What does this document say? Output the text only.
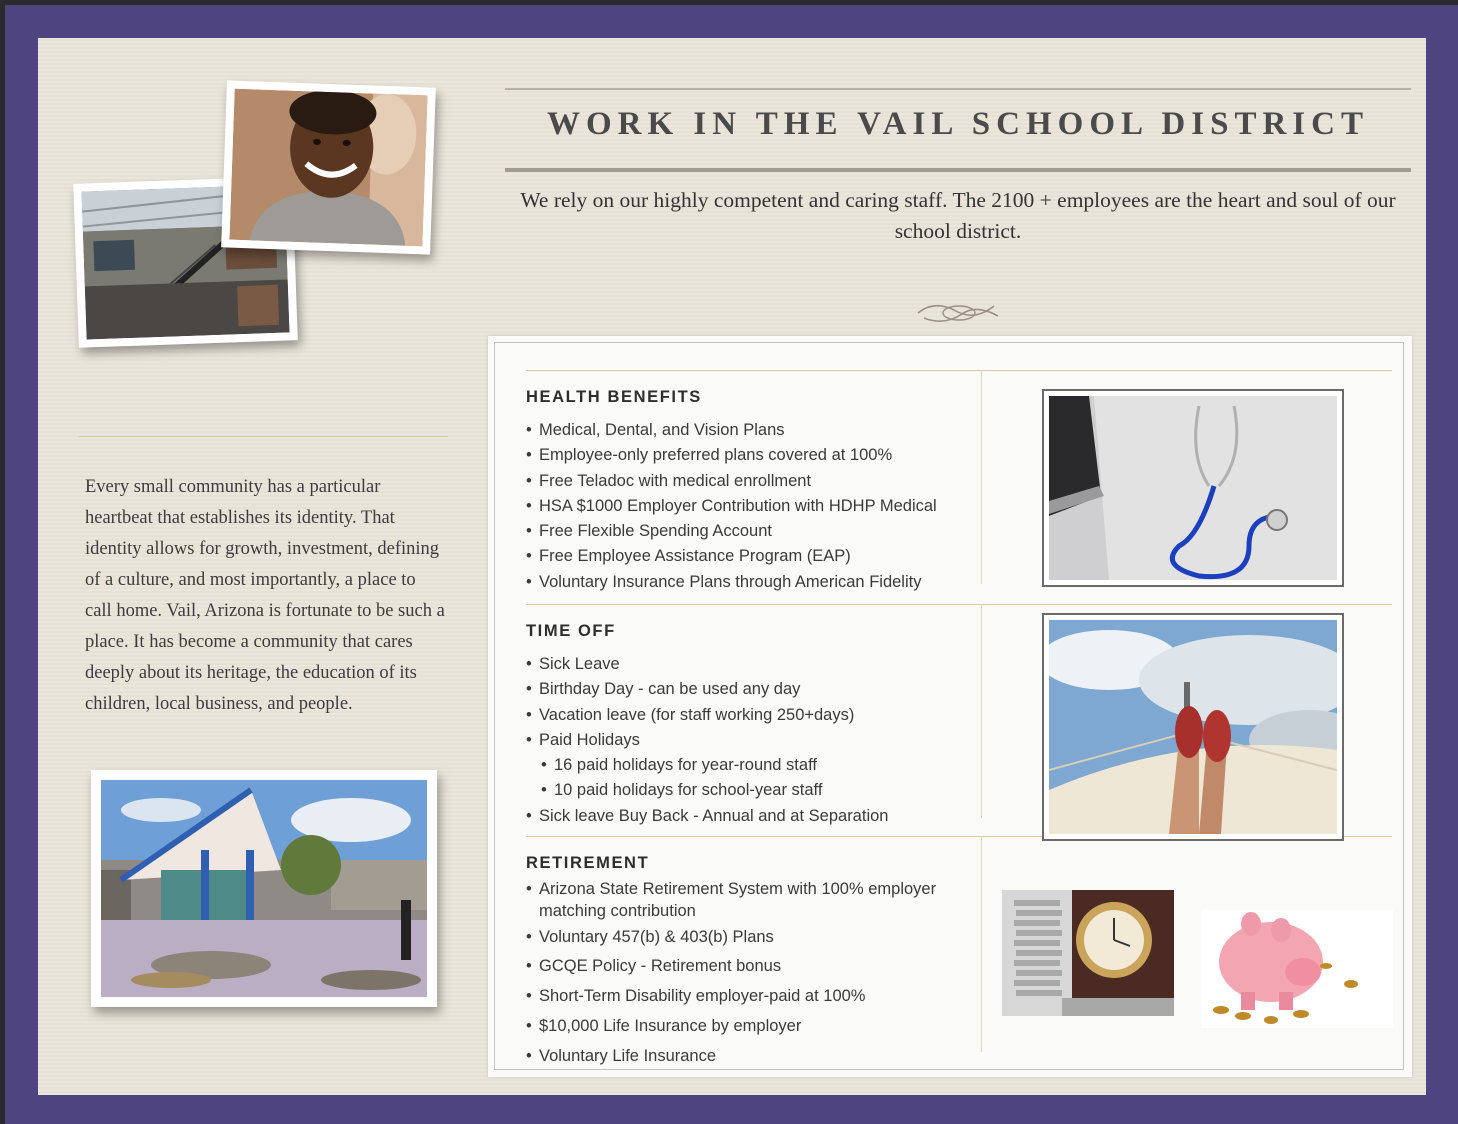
Every small community has a particular heartbeat that establishes its identity. That identity allows for growth, investment, defining of a culture, and most importantly, a place to call home. Vail, Arizona is fortunate to be such a place. It has become a community that cares deeply about its heritage, the education of its children, local business, and people.

WORK IN THE VAIL SCHOOL DISTRICT

We rely on our highly competent and caring staff. The 2100 + employees are the heart and soul of our school district.

HEALTH BENEFITS
• Medical, Dental, and Vision Plans
• Employee-only preferred plans covered at 100%
• Free Teladoc with medical enrollment
• HSA $1000 Employer Contribution with HDHP Medical
• Free Flexible Spending Account
• Free Employee Assistance Program (EAP)
• Voluntary Insurance Plans through American Fidelity
TIME OFF
• Sick Leave
• Birthday Day - can be used any day
• Vacation leave (for staff working 250+days)
• Paid Holidays
• 16 paid holidays for year-round staff
• 10 paid holidays for school-year staff
• Sick leave Buy Back - Annual and at Separation
RETIREMENT
• Arizona State Retirement System with 100% employer matching contribution
• Voluntary 457(b) & 403(b) Plans
• GCQE Policy - Retirement bonus
• Short-Term Disability employer-paid at 100%
• $10,000 Life Insurance by employer
• Voluntary Life Insurance
